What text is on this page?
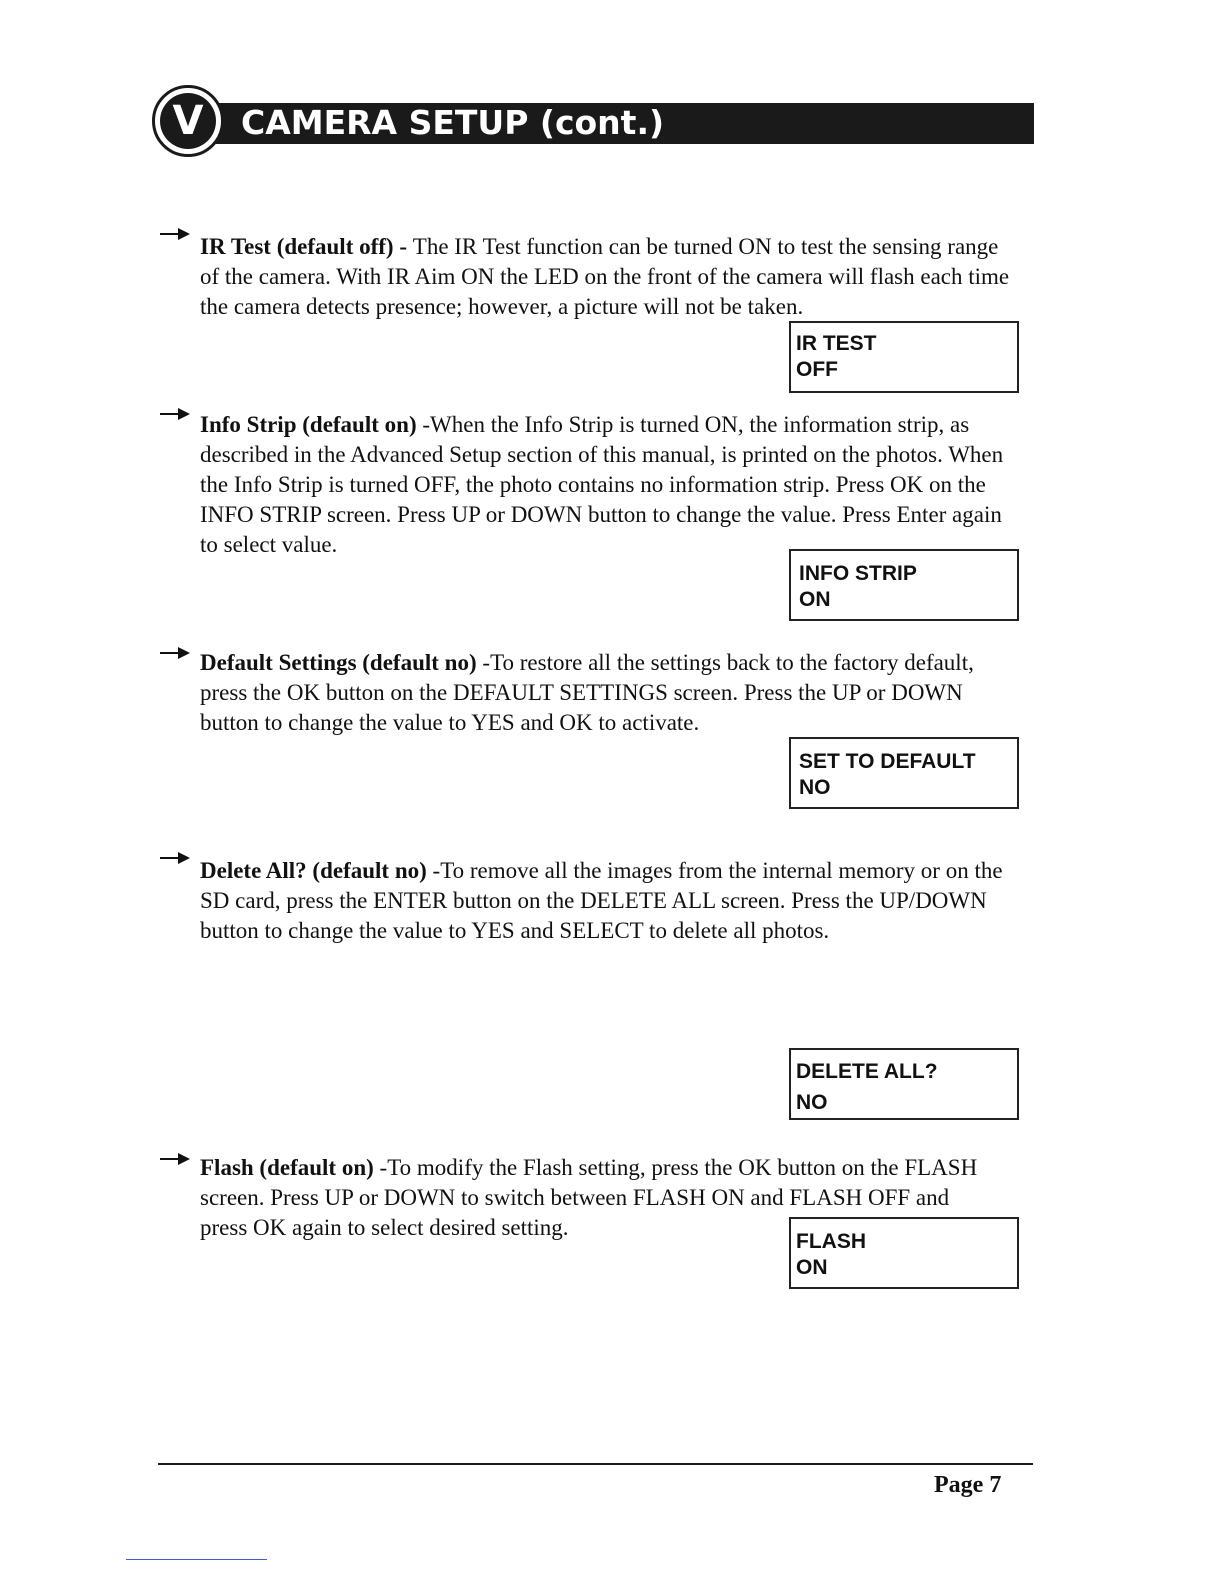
V	CAMERA SETUP (cont.)
IR Test (default off) - The IR Test function can be turned ON to test the sensing range of the camera. With IR Aim ON the LED on the front of the camera will flash each time the camera detects presence; however, a picture will not be taken.
IR TEST
OFF
Info Strip (default on) -When the Info Strip is turned ON, the information strip, as described in the Advanced Setup section of this manual, is printed on the photos. When the Info Strip is turned OFF, the photo contains no information strip. Press OK on the INFO STRIP screen. Press UP or DOWN button to change the value. Press Enter again to select value.
INFO STRIP
ON
Default Settings (default no) -To restore all the settings back to the factory default, press the OK button on the DEFAULT SETTINGS screen. Press the UP or DOWN button to change the value to YES and OK to activate.
SET TO DEFAULT
NO
Delete All? (default no) -To remove all the images from the internal memory or on the SD card, press the ENTER button on the DELETE ALL screen. Press the UP/DOWN button to change the value to YES and SELECT to delete all photos.
DELETE ALL?
NO
Flash (default on) -To modify the Flash setting, press the OK button on the FLASH screen. Press UP or DOWN to switch between FLASH ON and FLASH OFF and press OK again to select desired setting.
FLASH
ON
Page 7
